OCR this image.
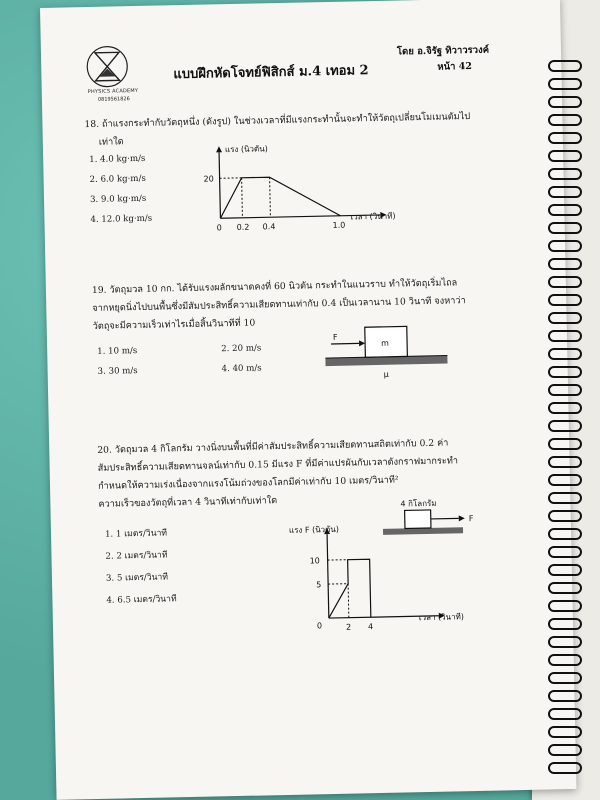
PHYSICS ACADEMY
0819561826
แบบฝึกหัดโจทย์ฟิสิกส์ ม.4 เทอม 2
โดย อ.จิรัฐ ทิวาวรวงค์
หน้า 42
18. ถ้าแรงกระทำกับวัตถุหนึ่ง (ดังรูป) ในช่วงเวลาที่มีแรงกระทำนั้นจะทำให้วัตถุเปลี่ยนโมเมนตัมไป
เท่าใด
1. 4.0 kg·m/s
2. 6.0 kg·m/s
3. 9.0 kg·m/s
4. 12.0 kg·m/s
แรง (นิวตัน)
20
0 0.2 0.4	1.0
เวลา (วินาที)
19. วัตถุมวล 10 กก. ได้รับแรงผลักขนาดคงที่ 60 นิวตัน กระทำในแนวราบ ทำให้วัตถุเริ่มไถล
จากหยุดนิ่งไปบนพื้นซึ่งมีสัมประสิทธิ์ความเสียดทานเท่ากับ 0.4 เป็นเวลานาน 10 วินาที จงหาว่า
วัตถุจะมีความเร็วเท่าไรเมื่อสิ้นวินาทีที่ 10
1. 10 m/s	2. 20 m/s
3. 30 m/s	4. 40 m/s
F
m
μ
20. วัตถุมวล 4 กิโลกรัม วางนิ่งบนพื้นที่มีค่าสัมประสิทธิ์ความเสียดทานสถิตเท่ากับ 0.2 ค่า
สัมประสิทธิ์ความเสียดทานจลน์เท่ากับ 0.15 มีแรง F ที่มีค่าแปรผันกับเวลาดังกราฟมากระทำ
กำหนดให้ความเร่งเนื่องจากแรงโน้มถ่วงของโลกมีค่าเท่ากับ 10 เมตร/วินาที²
ความเร็วของวัตถุที่เวลา 4 วินาทีเท่ากับเท่าใด
1. 1 เมตร/วินาที
2. 2 เมตร/วินาที
3. 5 เมตร/วินาที
4. 6.5 เมตร/วินาที
4 กิโลกรัม
F
แรง F (นิวตัน)
10
5
0	2 4
เวลา (วินาที)
